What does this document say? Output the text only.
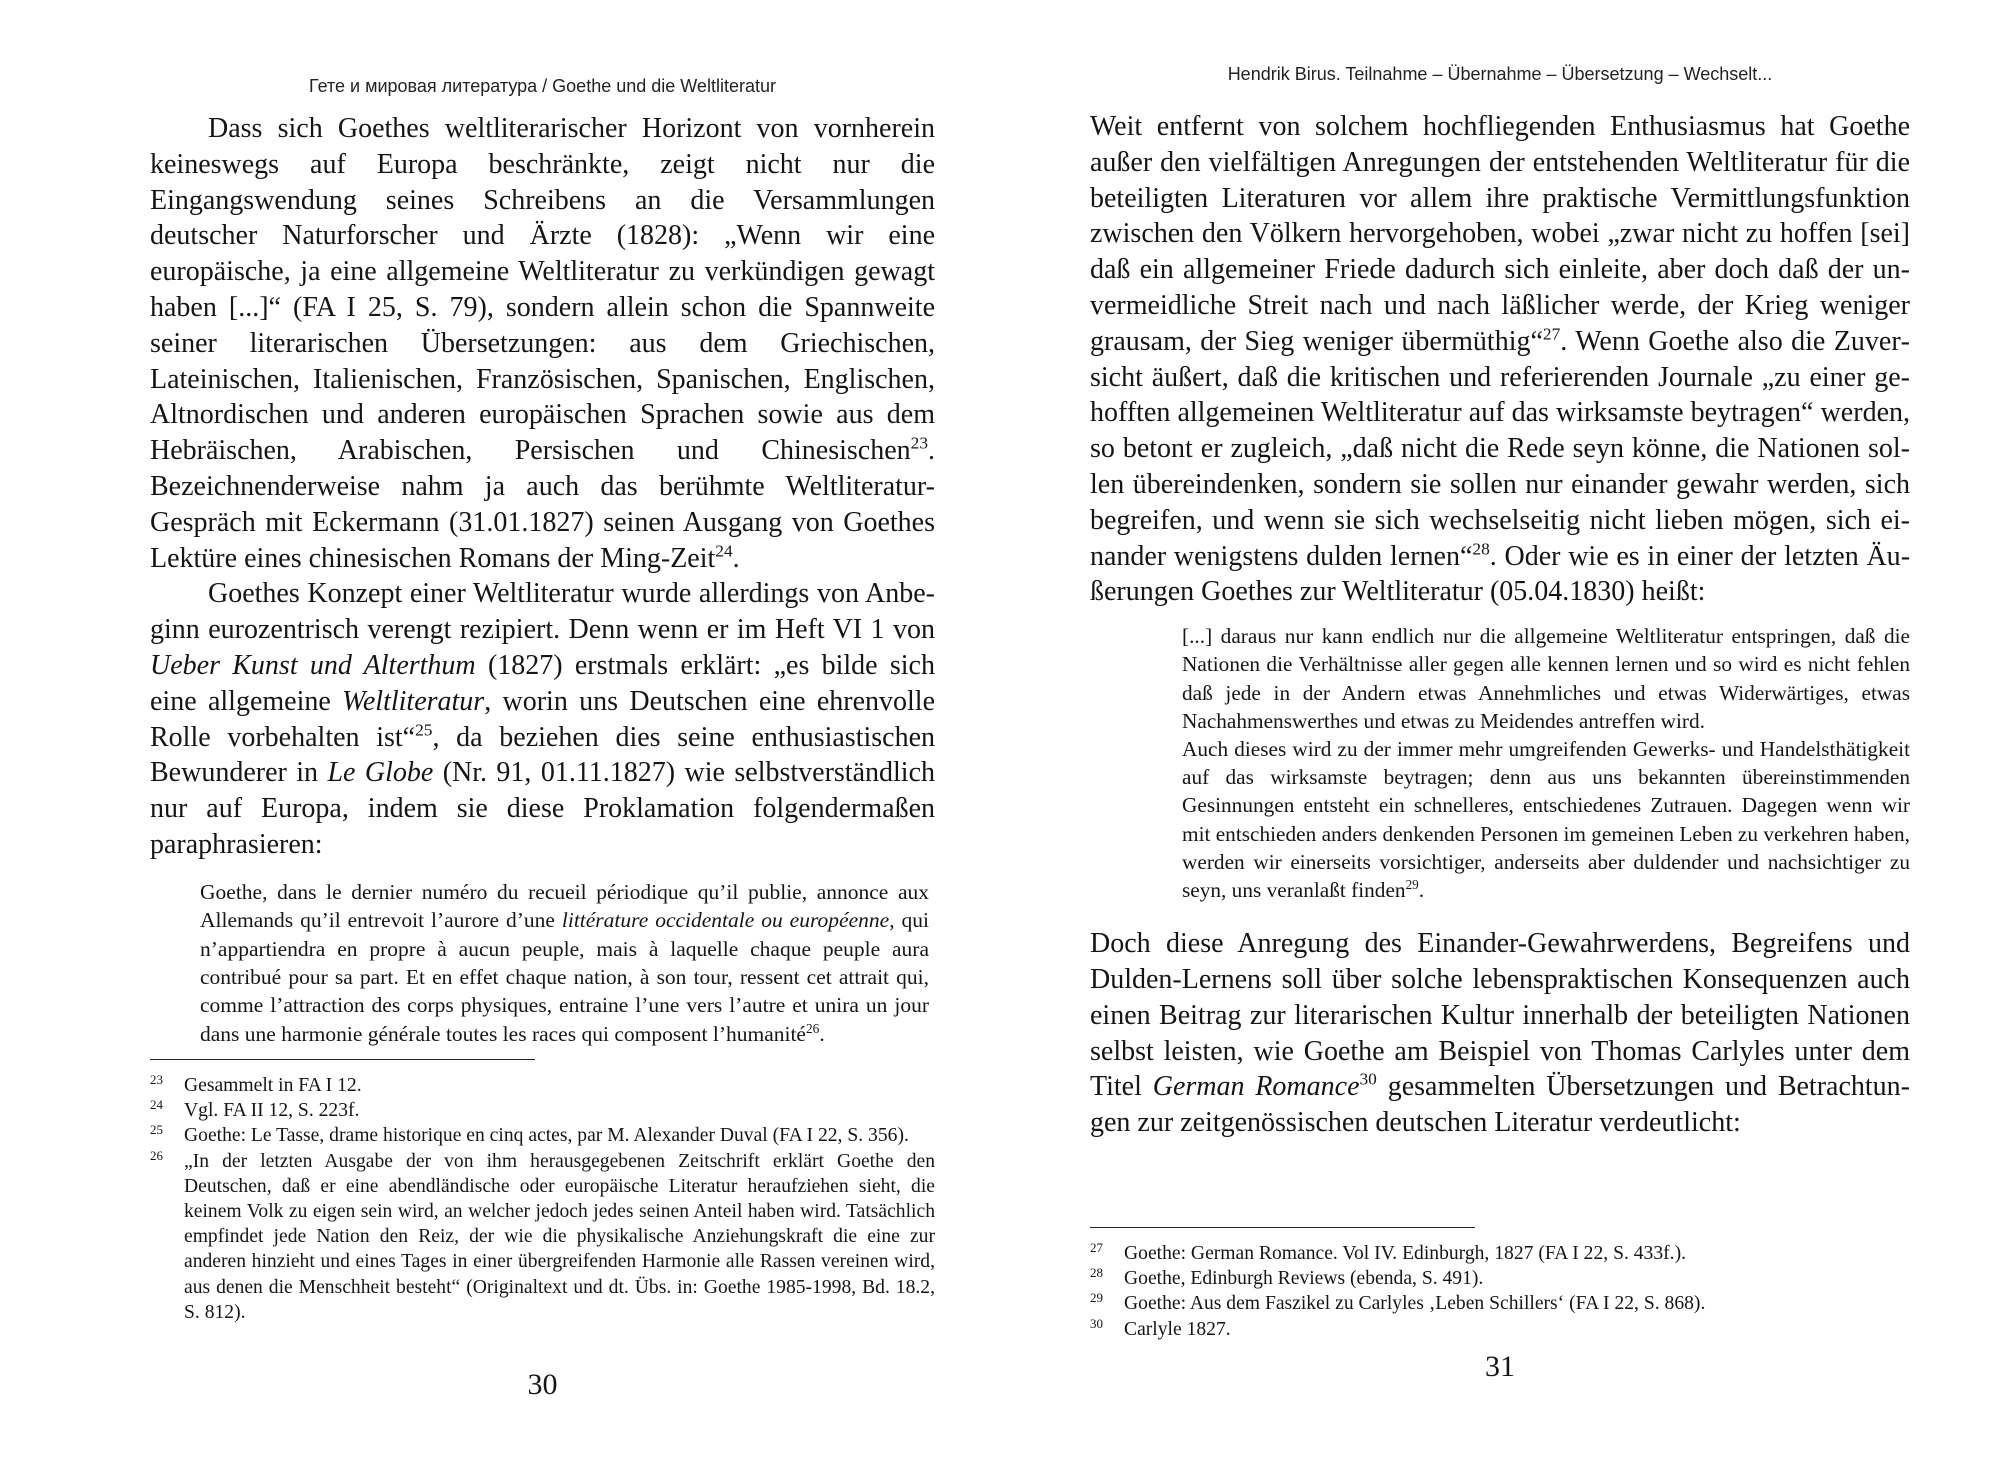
Гете и мировая литература / Goethe und die Weltliteratur

Dass sich Goethes weltliterarischer Horizont von vornherein keineswegs auf Europa beschränkte, zeigt nicht nur die Eingangswendung seines Schreibens an die Versammlungen deutscher Naturforscher und Ärzte (1828): „Wenn wir eine europäische, ja eine allgemeine Weltliteratur zu verkündigen gewagt haben [...]“ (FA I 25, S. 79), sondern allein schon die Spannweite seiner literarischen Übersetzungen: aus dem Griechischen, Lateinischen, Italienischen, Französischen, Spanischen, Englischen, Altnordischen und anderen europäischen Sprachen sowie aus dem Hebräischen, Arabischen, Persischen und Chinesischen$^{23}$. Bezeichnenderweise nahm ja auch das berühmte Weltliteratur-Gespräch mit Eckermann (31.01.1827) seinen Ausgang von Goethes Lektüre eines chinesischen Romans der Ming-Zeit$^{24}$.

Goethes Konzept einer Weltliteratur wurde allerdings von Anbeginn eurozentrisch verengt rezipiert. Denn wenn er im Heft VI 1 von Ueber Kunst und Alterthum (1827) erstmals erklärt: „es bilde sich eine allgemeine Weltliteratur, worin uns Deutschen eine ehrenvolle Rolle vorbehalten ist“$^{25}$, da beziehen dies seine enthusiastischen Bewunderer in Le Globe (Nr. 91, 01.11.1827) wie selbstverständlich nur auf Europa, indem sie diese Proklamation folgendermaßen paraphrasieren:

Goethe, dans le dernier numéro du recueil périodique qu’il publie, annonce aux Allemands qu’il entrevoit l’aurore d’une littérature occidentale ou européenne, qui n’appartiendra en propre à aucun peuple, mais à laquelle chaque peuple aura contribué pour sa part. Et en effet chaque nation, à son tour, ressent cet attrait qui, comme l’attraction des corps physiques, entraine l’une vers l’autre et unira un jour dans une harmonie générale toutes les races qui composent l’humanité$^{26}$.

23	Gesammelt in FA I 12.
24	Vgl. FA II 12, S. 223f.
25	Goethe: Le Tasse, drame historique en cinq actes, par M. Alexander Duval (FA I 22, S. 356).
26	„In der letzten Ausgabe der von ihm herausgegebenen Zeitschrift erklärt Goethe den Deutschen, daß er eine abendländische oder europäische Literatur heraufziehen sieht, die keinem Volk zu eigen sein wird, an welcher jedoch jedes seinen Anteil haben wird. Tatsächlich empfindet jede Nation den Reiz, der wie die physikalische Anziehungskraft die eine zur anderen hinzieht und eines Tages in einer übergreifenden Harmonie alle Rassen vereinen wird, aus denen die Menschheit besteht“ (Originaltext und dt. Übs. in: Goethe 1985-1998, Bd. 18.2, S. 812).
30
Hendrik Birus. Teilnahme – Übernahme – Übersetzung – Wechselt...

Weit entfernt von solchem hochfliegenden Enthusiasmus hat Goethe außer den vielfältigen Anregungen der entstehenden Weltliteratur für die beteiligten Literaturen vor allem ihre praktische Vermittlungsfunktion zwischen den Völkern hervorgehoben, wobei „zwar nicht zu hoffen [sei] daß ein allgemeiner Friede dadurch sich einleite, aber doch daß der unvermeidliche Streit nach und nach läßlicher werde, der Krieg weniger grausam, der Sieg weniger übermüthig“$^{27}$. Wenn Goethe also die Zuversicht äußert, daß die kritischen und referierenden Journale „zu einer gehofften allgemeinen Weltliteratur auf das wirksamste beytragen“ werden, so betont er zugleich, „daß nicht die Rede seyn könne, die Nationen sollen übereindenken, sondern sie sollen nur einander gewahr werden, sich begreifen, und wenn sie sich wechselseitig nicht lieben mögen, sich einander wenigstens dulden lernen“$^{28}$. Oder wie es in einer der letzten Äußerungen Goethes zur Weltliteratur (05.04.1830) heißt:

[...] daraus nur kann endlich nur die allgemeine Weltliteratur entspringen, daß die Nationen die Verhältnisse aller gegen alle kennen lernen und so wird es nicht fehlen daß jede in der Andern etwas Annehmliches und etwas Widerwärtiges, etwas Nachahmenswerthes und etwas zu Meidendes antreffen wird.

Auch dieses wird zu der immer mehr umgreifenden Gewerks- und Handelsthätigkeit auf das wirksamste beytragen; denn aus uns bekannten übereinstimmenden Gesinnungen entsteht ein schnelleres, entschiedenes Zutrauen. Dagegen wenn wir mit entschieden anders denkenden Personen im gemeinen Leben zu verkehren haben, werden wir einerseits vorsichtiger, anderseits aber duldender und nachsichtiger zu seyn, uns veranlaßt finden$^{29}$.

Doch diese Anregung des Einander-Gewahrwerdens, Begreifens und Dulden-Lernens soll über solche lebenspraktischen Konsequenzen auch einen Beitrag zur literarischen Kultur innerhalb der beteiligten Nationen selbst leisten, wie Goethe am Beispiel von Thomas Carlyles unter dem Titel German Romance$^{30}$ gesammelten Übersetzungen und Betrachtungen zur zeitgenössischen deutschen Literatur verdeutlicht:

27	Goethe: German Romance. Vol IV. Edinburgh, 1827 (FA I 22, S. 433f.).
28	Goethe, Edinburgh Reviews (ebenda, S. 491).
29	Goethe: Aus dem Faszikel zu Carlyles ‚Leben Schillers‘ (FA I 22, S. 868).
30	Carlyle 1827.
31
